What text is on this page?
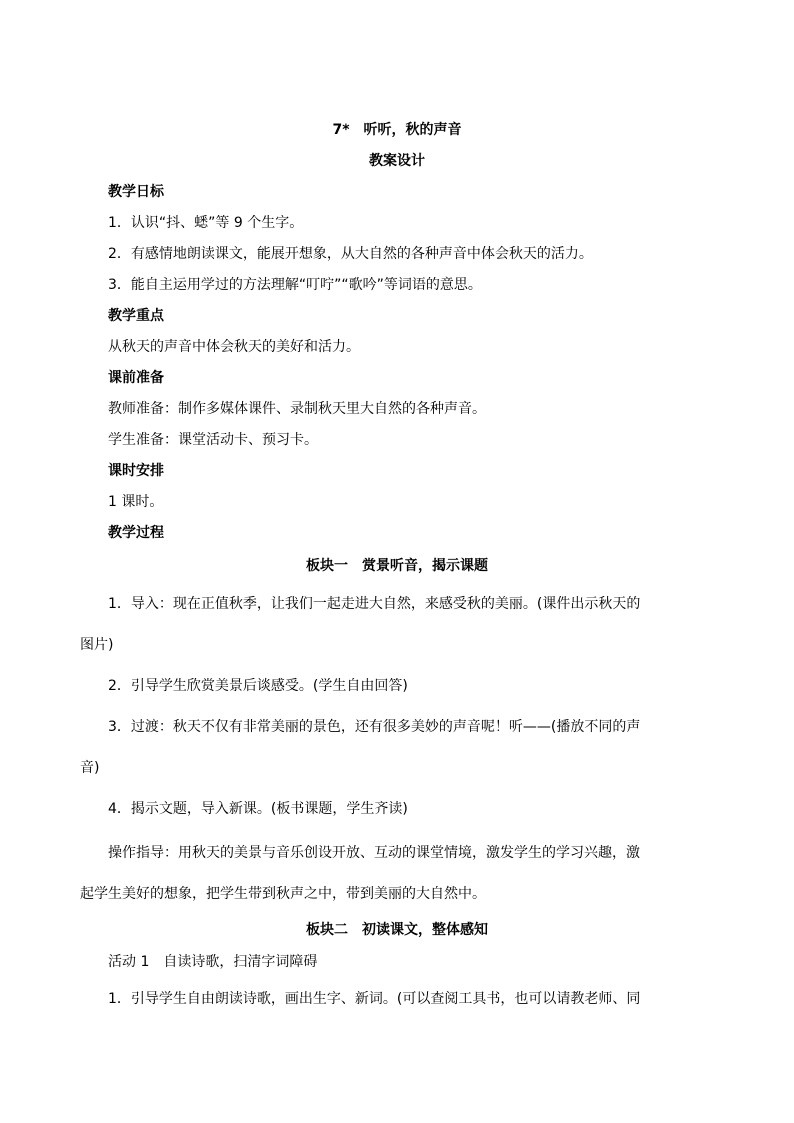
7*　听听，秋的声音
教案设计
教学日标
1．认识“抖、蟋”等 9 个生字。
2．有感情地朗读课文，能展开想象，从大自然的各种声音中体会秋天的活力。
3．能自主运用学过的方法理解“叮咛”“歌吟”等词语的意思。
教学重点
从秋天的声音中体会秋天的美好和活力。
课前准备
教师准备：制作多媒体课件、录制秋天里大自然的各种声音。
学生准备：课堂活动卡、预习卡。
课时安排
1 课时。
教学过程
板块一　赏景听音，揭示课题
1．导入：现在正值秋季，让我们一起走进大自然，来感受秋的美丽。(课件出示秋天的
图片)
2．引导学生欣赏美景后谈感受。(学生自由回答)
3．过渡：秋天不仅有非常美丽的景色，还有很多美妙的声音呢！听——(播放不同的声
音)
4．揭示文题，导入新课。(板书课题，学生齐读)
操作指导：用秋天的美景与音乐创设开放、互动的课堂情境，激发学生的学习兴趣，激
起学生美好的想象，把学生带到秋声之中，带到美丽的大自然中。
板块二　初读课文，整体感知
活动 1　自读诗歌，扫清字词障碍
1．引导学生自由朗读诗歌，画出生字、新词。(可以查阅工具书，也可以请教老师、同
